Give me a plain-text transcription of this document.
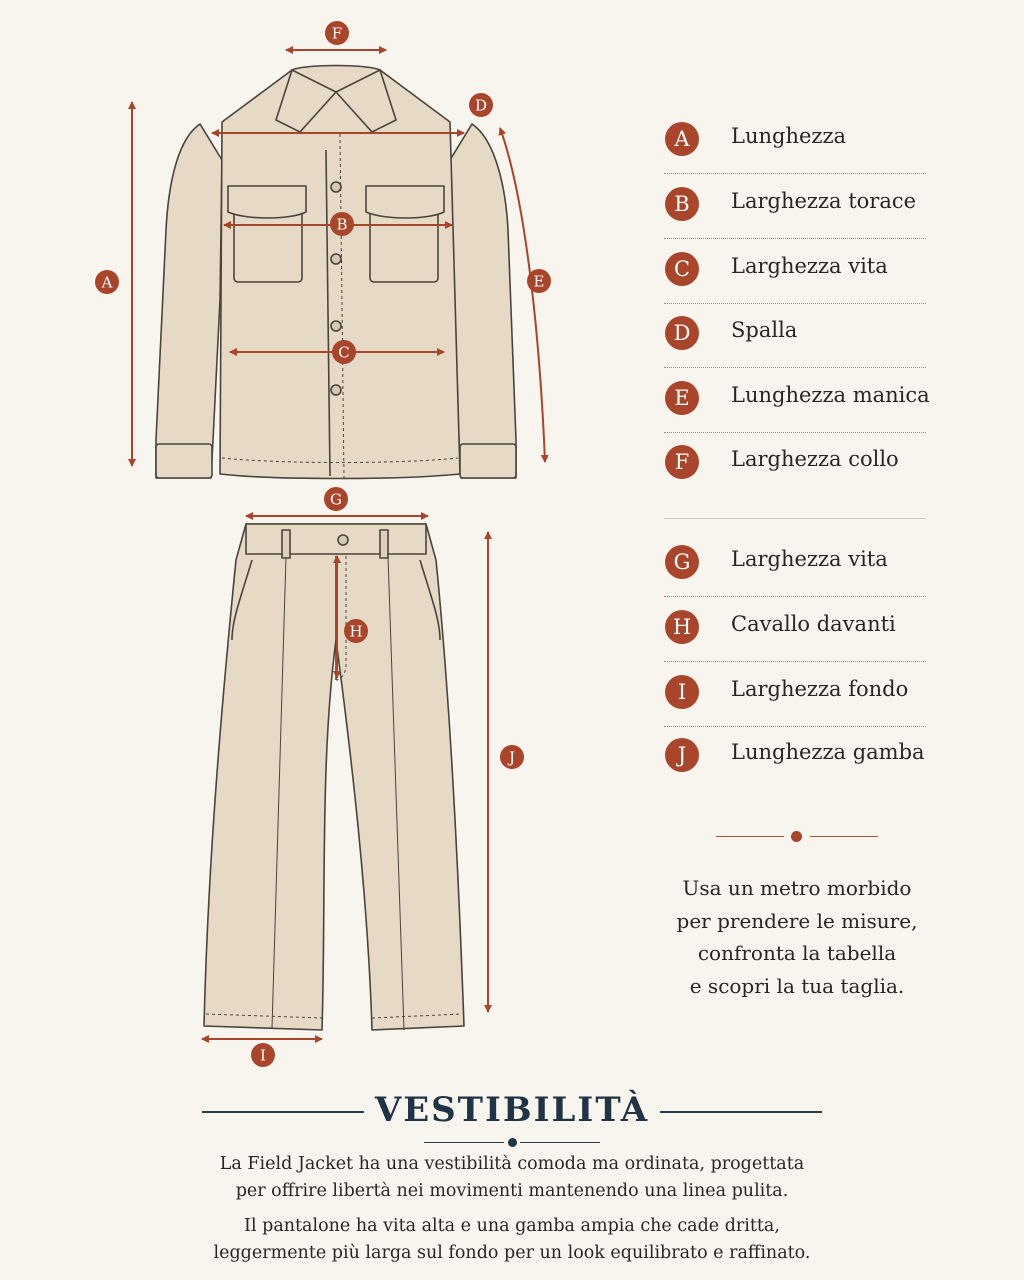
F
D
B
A	E
C
G
H
J
I
A	Lunghezza
B	Larghezza torace
C	Larghezza vita
D	Spalla
E	Lunghezza manica
F	Larghezza collo
G	Larghezza vita
H	Cavallo davanti
I	Larghezza fondo
J	Lunghezza gamba
Usa un metro morbido
per prendere le misure,
confronta la tabella
e scopri la tua taglia.
VESTIBILITÀ
La Field Jacket ha una vestibilità comoda ma ordinata, progettata
per offrire libertà nei movimenti mantenendo una linea pulita.
Il pantalone ha vita alta e una gamba ampia che cade dritta,
leggermente più larga sul fondo per un look equilibrato e raffinato.
